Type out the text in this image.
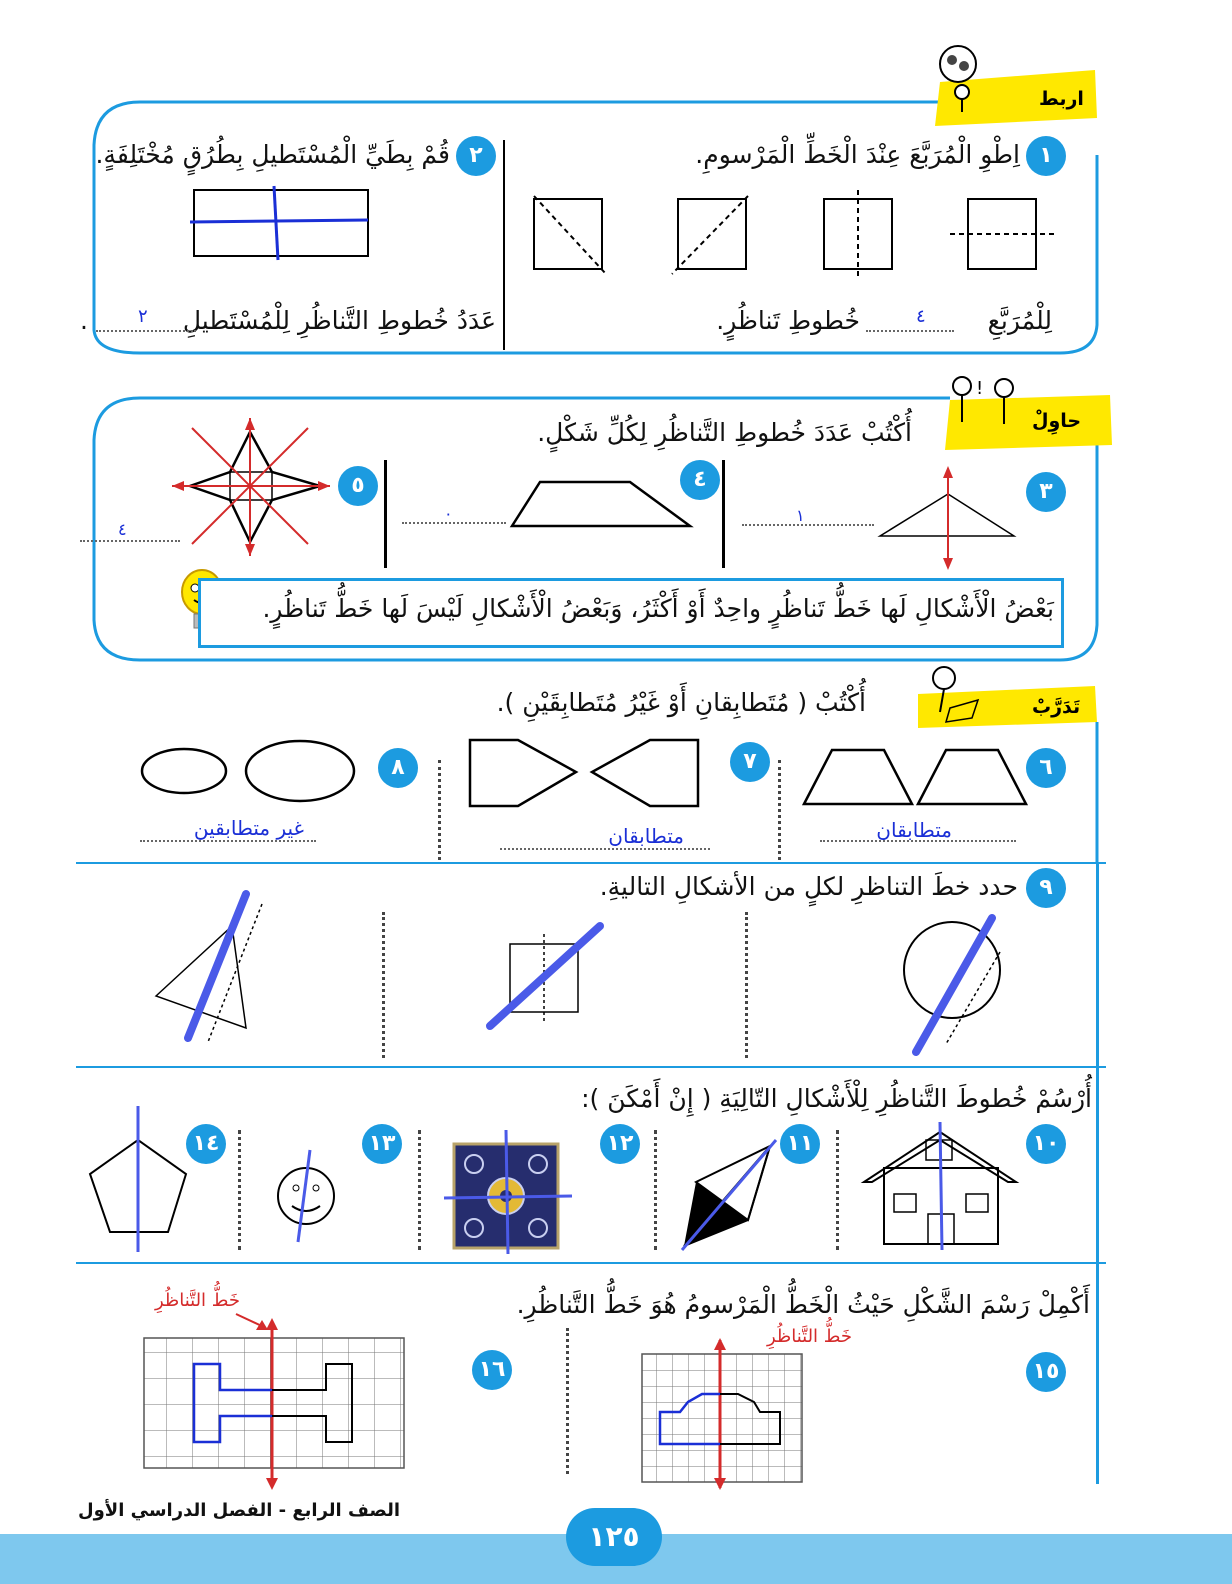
اربط
١
اِطْوِ الْمُرَبَّعَ عِنْدَ الْخَطِّ الْمَرْسومِ.
لِلْمُرَبَّعِ
٤
خُطوطِ تَناظُرٍ.
٢
قُمْ بِطَيِّ الْمُسْتَطيلِ بِطُرُقٍ مُخْتَلِفَةٍ.
عَدَدُ خُطوطِ التَّناظُرِ لِلْمُسْتَطيلِ
٢
.
حاوِلْ
!
أُكْتُبْ عَدَدَ خُطوطِ التَّناظُرِ لِكُلِّ شَكْلٍ.
٣
١
٤
٠
٥
٤
بَعْضُ الْأَشْكالِ لَها خَطُّ تَناظُرٍ واحِدٌ أَوْ أَكْثَرُ، وَبَعْضُ الْأَشْكالِ لَيْسَ لَها خَطُّ تَناظُرٍ.
تَدَرَّبْ
أُكْتُبْ ( مُتَطابِقانِ أَوْ غَيْرُ مُتَطابِقَيْنِ ).
٦
متطابقان
٧
متطابقان
٨
غير متطابقين
٩
حدد خطَ التناظرِ لكلٍ من الأشكالِ التاليةِ.
أُرْسُمْ خُطوطَ التَّناظُرِ لِلْأَشْكالِ التّالِيَةِ ( إِنْ أَمْكَنَ ):
١٠
١١
١٢
١٣
١٤
أَكْمِلْ رَسْمَ الشَّكْلِ حَيْثُ الْخَطُّ الْمَرْسومُ هُوَ خَطُّ التَّناظُرِ.
١٥
خَطُّ التَّناظُرِ
١٦
خَطُّ التَّناظُرِ
الصف الرابع - الفصل الدراسي الأول
١٢٥
